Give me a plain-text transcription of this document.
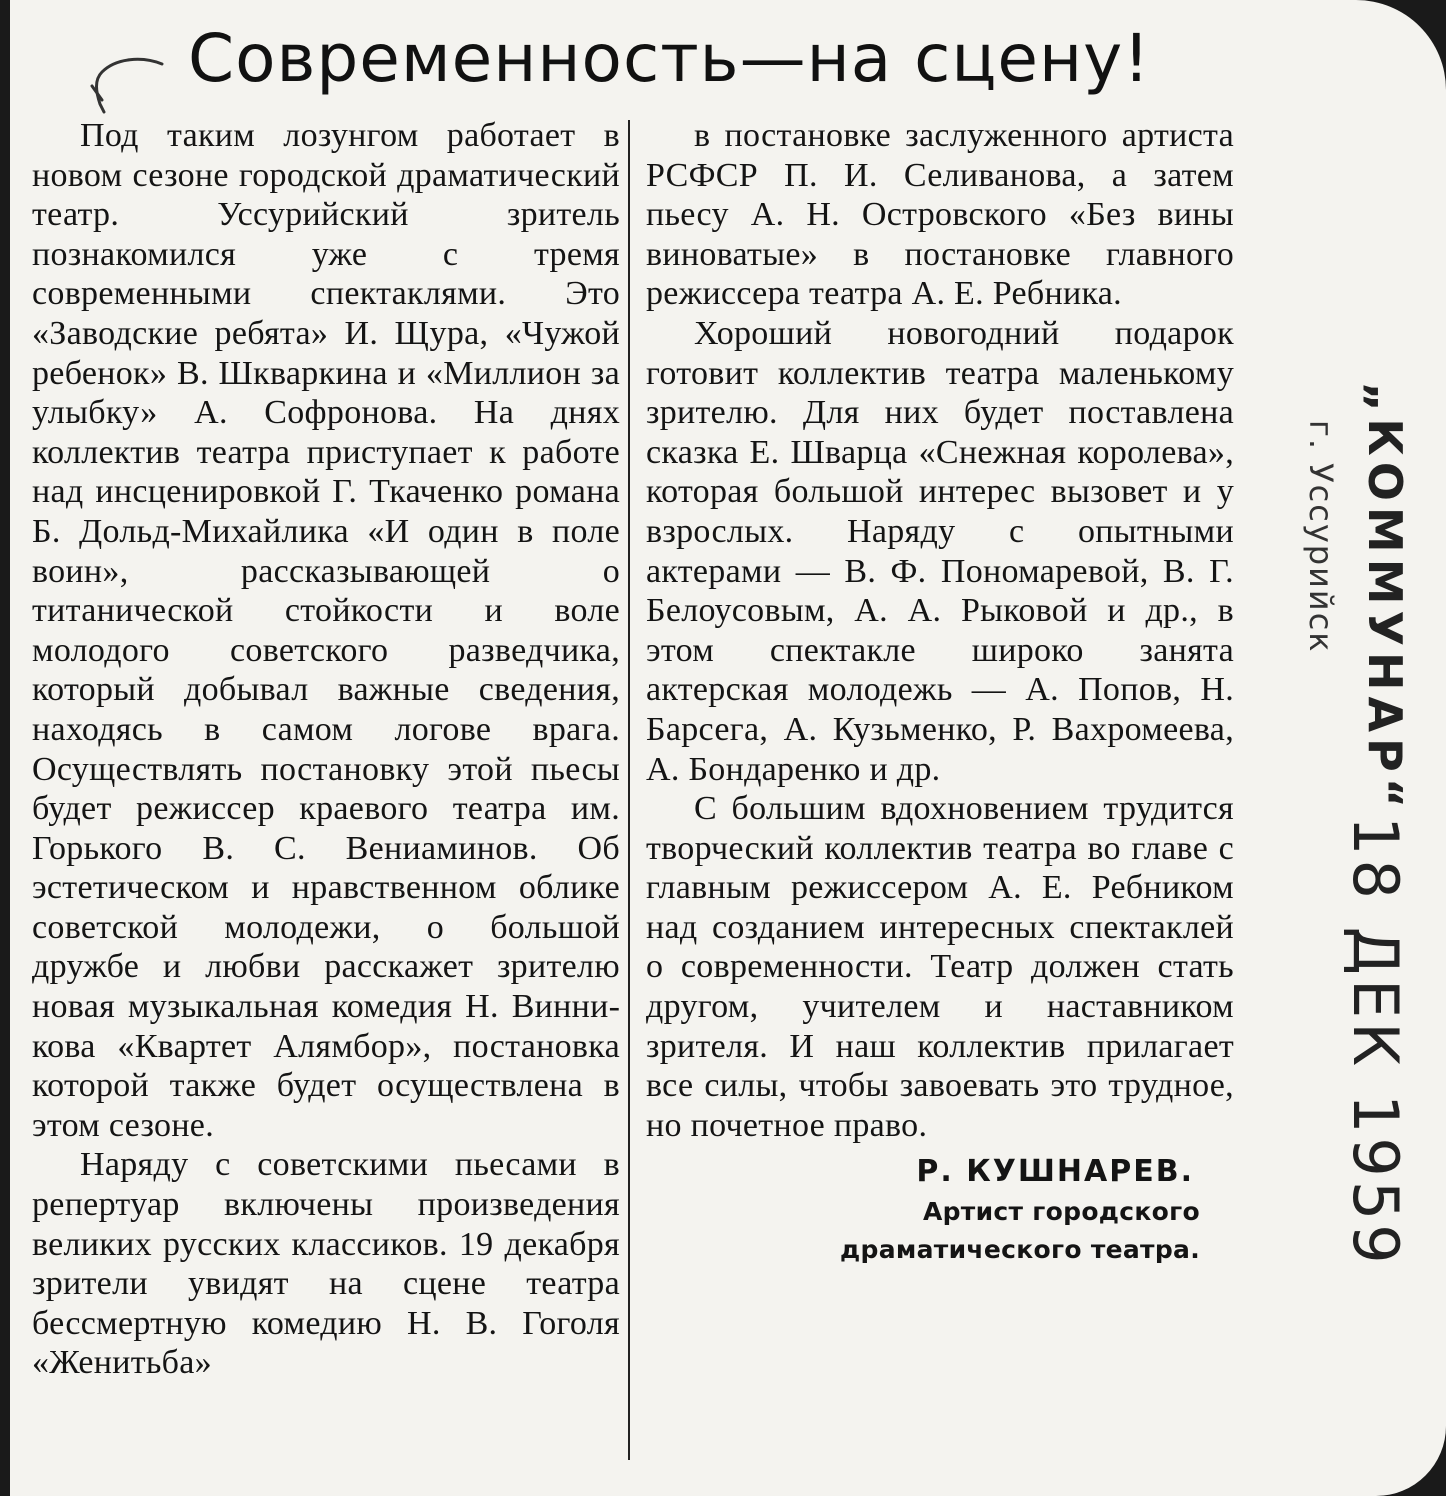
Современность—на сцену!

Под таким лозунгом работает в новом сезоне городской драматический театр. Уссурийский зритель познакомился уже с тремя современными спектаклями. Это «Заводские ребята» И. Щура, «Чужой ребенок» В. Шкваркина и «Миллион за улыбку» А. Софронова. На днях коллектив театра приступает к работе над инсценировкой Г. Ткаченко романа Б. Дольд-Михайлика «И один в поле воин», рассказывающей о титанической стойкости и воле молодого советского разведчика, который добывал важные сведения, находясь в самом логове врага. Осуществлять постановку этой пьесы будет режиссер краевого театра им. Горького В. С. Вениаминов. Об эстетическом и нравственном облике советской молодежи, о большой дружбе и любви расскажет зрителю новая музыкальная комедия Н. Винникова «Квартет Алямбор», постановка которой также будет осуществлена в этом сезоне.

Наряду с советскими пьесами в репертуар включены произведения великих русских классиков. 19 декабря зрители увидят на сцене театра бессмертную комедию Н. В. Гоголя «Женитьба»

в постановке заслуженного артиста РСФСР П. И. Селиванова, а затем пьесу А. Н. Островского «Без вины виноватые» в постановке главного режиссера театра А. Е. Ребника.

Хороший новогодний подарок готовит коллектив театра маленькому зрителю. Для них будет поставлена сказка Е. Шварца «Снежная королева», которая большой интерес вызовет и у взрослых. Наряду с опытными актерами — В. Ф. Пономаревой, В. Г. Белоусовым, А. А. Рыковой и др., в этом спектакле широко занята актерская молодежь — А. Попов, Н. Барсега, А. Кузьменко, Р. Вахромеева, А. Бондаренко и др.

С большим вдохновением трудится творческий коллектив театра во главе с главным режиссером А. Е. Ребником над созданием интересных спектаклей о современности. Театр должен стать другом, учителем и наставником зрителя. И наш коллектив прилагает все силы, чтобы завоевать это трудное, но почетное право.

Р. КУШНАРЕВ.
Артист городского
драматического театра.
„КОММУНАР“
г. Уссурийск
18 ДЕК 1959
